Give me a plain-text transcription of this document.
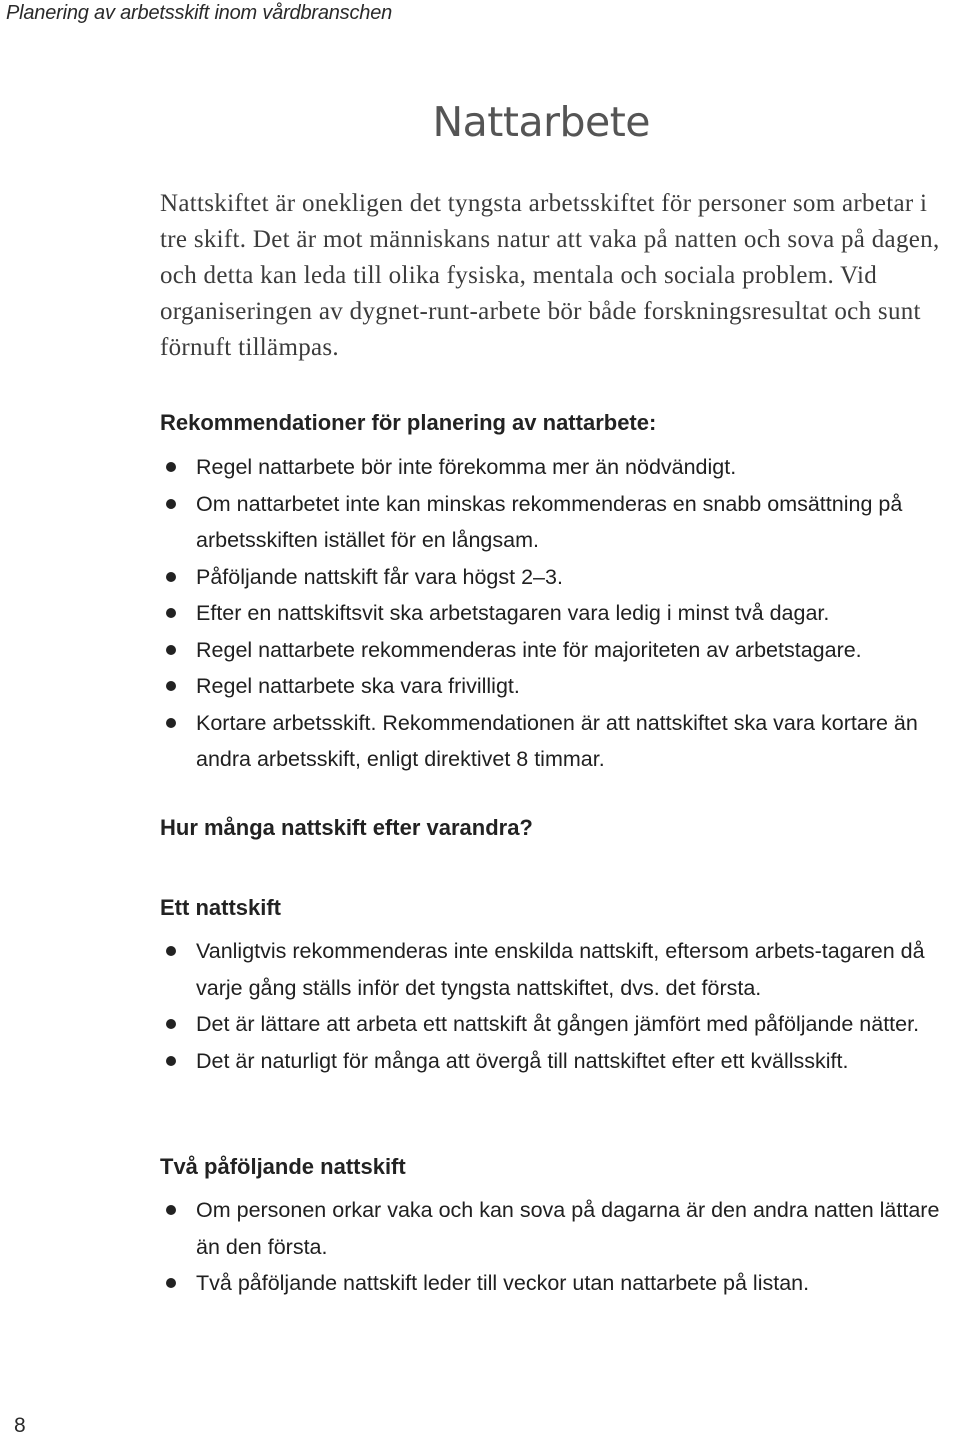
Planering av arbetsskift inom vårdbranschen
Nattarbete

Nattskiftet är onekligen det tyngsta arbetsskiftet för personer som arbetar i tre skift. Det är mot människans natur att vaka på natten och sova på dagen, och detta kan leda till olika fysiska, mentala och sociala problem. Vid organiseringen av dygnet-runt-arbete bör både forskningsresultat och sunt förnuft tillämpas.

Rekommendationer för planering av nattarbete:
Regel nattarbete bör inte förekomma mer än nödvändigt.
Om nattarbetet inte kan minskas rekommenderas en snabb omsättning på arbetsskiften istället för en långsam.
Påföljande nattskift får vara högst 2–3.
Efter en nattskiftsvit ska arbetstagaren vara ledig i minst två dagar.
Regel nattarbete rekommenderas inte för majoriteten av arbetstagare.
Regel nattarbete ska vara frivilligt.
Kortare arbetsskift. Rekommendationen är att nattskiftet ska vara kortare än andra arbetsskift, enligt direktivet 8 timmar.
Hur många nattskift efter varandra?
Ett nattskift
Vanligtvis rekommenderas inte enskilda nattskift, eftersom arbets-tagaren då varje gång ställs inför det tyngsta nattskiftet, dvs. det första.
Det är lättare att arbeta ett nattskift åt gången jämfört med påföljande nätter.
Det är naturligt för många att övergå till nattskiftet efter ett kvällsskift.
Två påföljande nattskift
Om personen orkar vaka och kan sova på dagarna är den andra natten lättare än den första.
Två påföljande nattskift leder till veckor utan nattarbete på listan.
8
